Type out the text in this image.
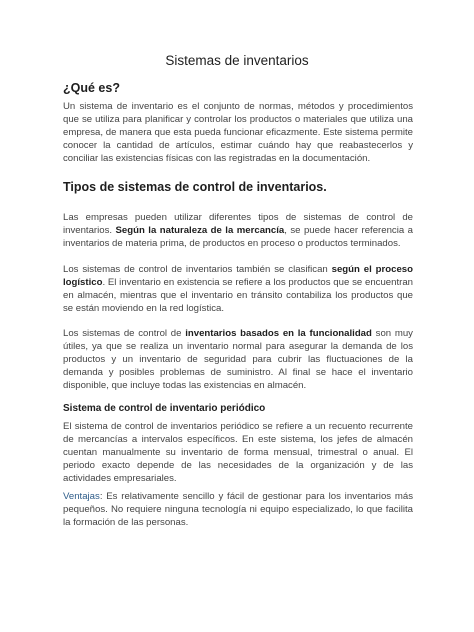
Sistemas de inventarios
¿Qué es?
Un sistema de inventario es el conjunto de normas, métodos y procedimientos que se utiliza para planificar y controlar los productos o materiales que utiliza una empresa, de manera que esta pueda funcionar eficazmente. Este sistema permite conocer la cantidad de artículos, estimar cuándo hay que reabastecerlos y conciliar las existencias físicas con las registradas en la documentación.
Tipos de sistemas de control de inventarios.
Las empresas pueden utilizar diferentes tipos de sistemas de control de inventarios. Según la naturaleza de la mercancía, se puede hacer referencia a inventarios de materia prima, de productos en proceso o productos terminados.
Los sistemas de control de inventarios también se clasifican según el proceso logístico. El inventario en existencia se refiere a los productos que se encuentran en almacén, mientras que el inventario en tránsito contabiliza los productos que se están moviendo en la red logística.
Los sistemas de control de inventarios basados en la funcionalidad son muy útiles, ya que se realiza un inventario normal para asegurar la demanda de los productos y un inventario de seguridad para cubrir las fluctuaciones de la demanda y posibles problemas de suministro. Al final se hace el inventario disponible, que incluye todas las existencias en almacén.
Sistema de control de inventario periódico
El sistema de control de inventarios periódico se refiere a un recuento recurrente de mercancías a intervalos específicos. En este sistema, los jefes de almacén cuentan manualmente su inventario de forma mensual, trimestral o anual. El periodo exacto depende de las necesidades de la organización y de las actividades empresariales.
Ventajas: Es relativamente sencillo y fácil de gestionar para los inventarios más pequeños. No requiere ninguna tecnología ni equipo especializado, lo que facilita la formación de las personas.
